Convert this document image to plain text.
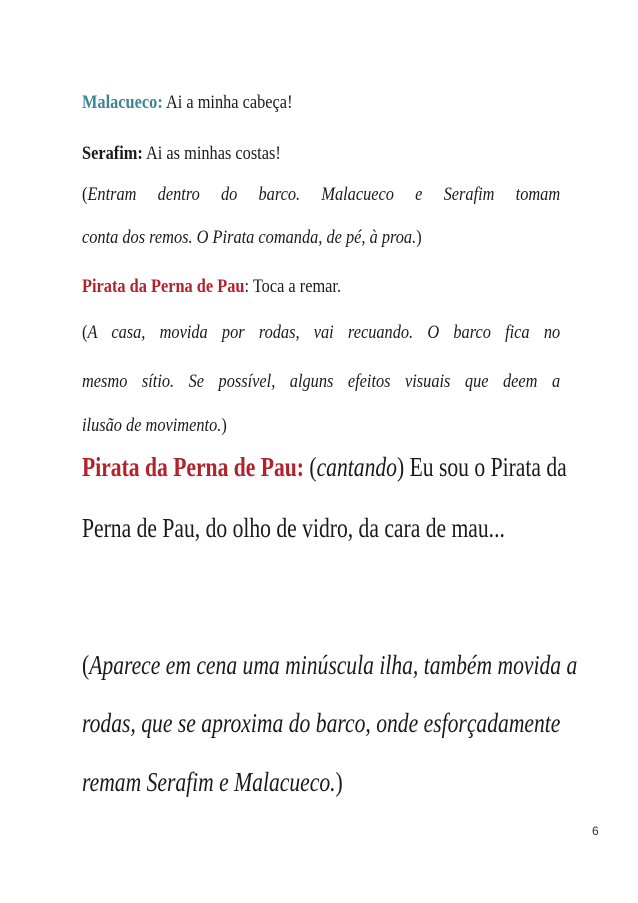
Malacueco: Ai a minha cabeça!
Serafim: Ai as minhas costas!
(Entram dentro do barco. Malacueco e Serafim tomam
conta dos remos. O Pirata comanda, de pé, à proa.)
Pirata da Perna de Pau: Toca a remar.
(A casa, movida por rodas, vai recuando. O barco fica no
mesmo sítio. Se possível, alguns efeitos visuais que deem a
ilusão de movimento.)
Pirata da Perna de Pau: (cantando) Eu sou o Pirata da
Perna de Pau, do olho de vidro, da cara de mau...
(Aparece em cena uma minúscula ilha, também movida a
rodas, que se aproxima do barco, onde esforçadamente
remam Serafim e Malacueco.)
6
